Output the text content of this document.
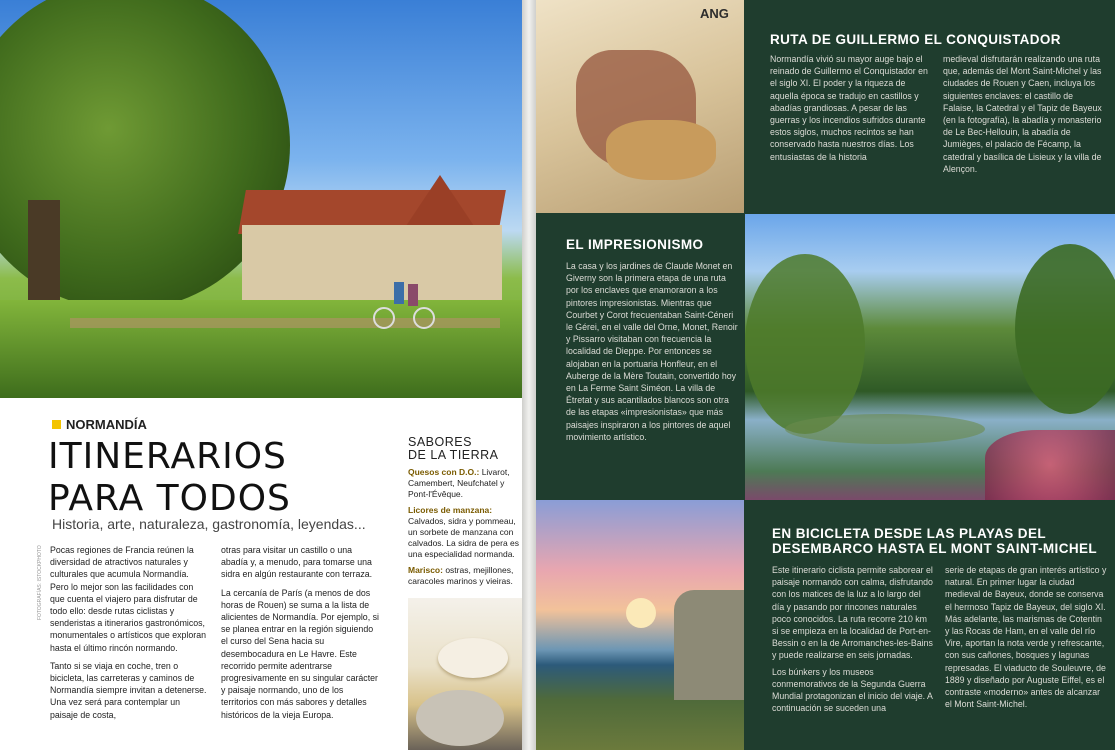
NORMANDÍA
ITINERARIOS
PARA TODOS
Historia, arte, naturaleza, gastronomía, leyendas...
FOTOGRAFÍAS: ISTOCKPHOTO Pocas regiones de Francia reúnen la diversidad de atractivos naturales y culturales que acumula Normandía. Pero lo mejor son las facilidades con que cuenta el viajero para disfrutar de todo ello: desde rutas ciclistas y senderistas a itinerarios gastronómicos, monumentales o artísticos que exploran hasta el último rincón normando.

Tanto si se viaja en coche, tren o bicicleta, las carreteras y caminos de Normandía siempre invitan a detenerse. Una vez será para contemplar un paisaje de costa,

otras para visitar un castillo o una abadía y, a menudo, para tomarse una sidra en algún restaurante con terraza.

La cercanía de París (a menos de dos horas de Rouen) se suma a la lista de alicientes de Normandía. Por ejemplo, si se planea entrar en la región siguiendo el curso del Sena hacia su desembocadura en Le Havre. Este recorrido permite adentrarse progresivamente en su singular carácter y paisaje normando, uno de los territorios con más sabores y detalles históricos de la vieja Europa.

SABORES
DE LA TIERRA
Quesos con D.O.: Livarot, Camembert, Neufchatel y Pont-l'Évêque.
Licores de manzana: Calvados, sidra y pommeau, un sorbete de manzana con calvados. La sidra de pera es una especialidad normanda.
Marisco: ostras, mejillones, caracoles marinos y vieiras.
ANG
RUTA DE GUILLERMO EL CONQUISTADOR
Normandía vivió su mayor auge bajo el reinado de Guillermo el Conquistador en el siglo XI. El poder y la riqueza de aquella época se tradujo en castillos y abadías grandiosas. A pesar de las guerras y los incendios sufridos durante estos siglos, muchos recintos se han conservado hasta nuestros días. Los entusiastas de la historia
medieval disfrutarán realizando una ruta que, además del Mont Saint-Michel y las ciudades de Rouen y Caen, incluya los siguientes enclaves: el castillo de Falaise, la Catedral y el Tapiz de Bayeux (en la fotografía), la abadía y monasterio de Le Bec-Hellouin, la abadía de Jumièges, el palacio de Fécamp, la catedral y basílica de Lisieux y la villa de Alençon.
EL IMPRESIONISMO
La casa y los jardines de Claude Monet en Giverny son la primera etapa de una ruta por los enclaves que enamoraron a los pintores impresionistas. Mientras que Courbet y Corot frecuentaban Saint-Céneri le Gérei, en el valle del Orne, Monet, Renoir y Pissarro visitaban con frecuencia la localidad de Dieppe. Por entonces se alojaban en la portuaria Honfleur, en el Auberge de la Mère Toutain, convertido hoy en La Ferme Saint Siméon. La villa de Étretat y sus acantilados blancos son otra de las etapas «impresionistas» que más paisajes inspiraron a los pintores de aquel movimiento artístico.
EN BICICLETA DESDE LAS PLAYAS DEL
DESEMBARCO HASTA EL MONT SAINT-MICHEL

Este itinerario ciclista permite saborear el paisaje normando con calma, disfrutando con los matices de la luz a lo largo del día y pasando por rincones naturales poco conocidos. La ruta recorre 210 km si se empieza en la localidad de Port-en-Bessin o en la de Arromanches-les-Bains y puede realizarse en seis jornadas.

Los búnkers y los museos conmemorativos de la Segunda Guerra Mundial protagonizan el inicio del viaje. A continuación se suceden una

serie de etapas de gran interés artístico y natural. En primer lugar la ciudad medieval de Bayeux, donde se conserva el hermoso Tapiz de Bayeux, del siglo XI. Más adelante, las marismas de Cotentin y las Rocas de Ham, en el valle del río Vire, aportan la nota verde y refrescante, con sus cañones, bosques y lagunas represadas. El viaducto de Souleuvre, de 1889 y diseñado por Auguste Eiffel, es el contraste «moderno» antes de alcanzar el Mont Saint-Michel.
